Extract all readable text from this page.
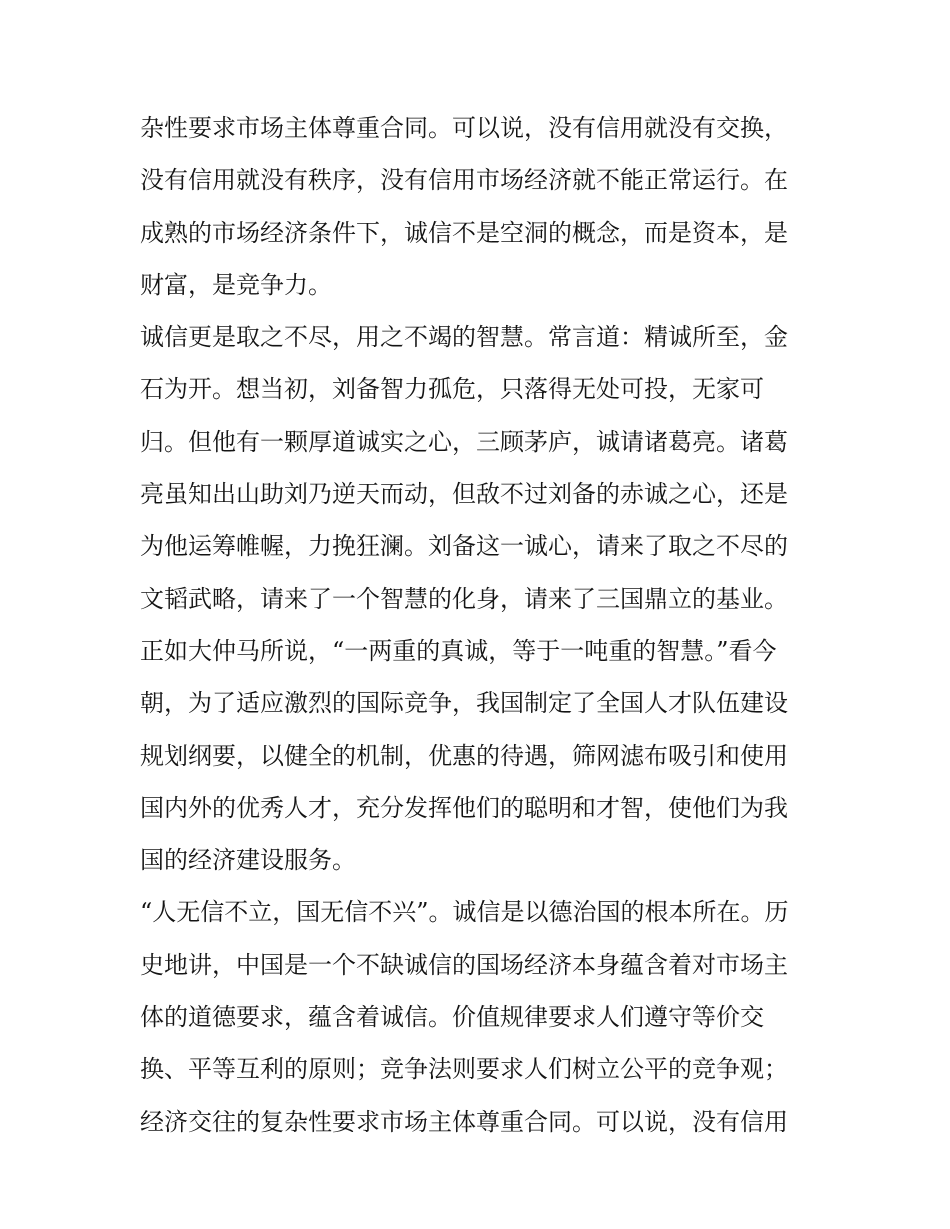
杂性要求市场主体尊重合同。可以说，没有信用就没有交换，
没有信用就没有秩序，没有信用市场经济就不能正常运行。在
成熟的市场经济条件下，诚信不是空洞的概念，而是资本，是
财富，是竞争力。
诚信更是取之不尽，用之不竭的智慧。常言道：精诚所至，金
石为开。想当初，刘备智力孤危，只落得无处可投，无家可
归。但他有一颗厚道诚实之心，三顾茅庐，诚请诸葛亮。诸葛
亮虽知出山助刘乃逆天而动，但敌不过刘备的赤诚之心，还是
为他运筹帷幄，力挽狂澜。刘备这一诚心，请来了取之不尽的
文韬武略，请来了一个智慧的化身，请来了三国鼎立的基业。
正如大仲马所说，“一两重的真诚，等于一吨重的智慧。”看今
朝，为了适应激烈的国际竞争，我国制定了全国人才队伍建设
规划纲要，以健全的机制，优惠的待遇，筛网滤布吸引和使用
国内外的优秀人才，充分发挥他们的聪明和才智，使他们为我
国的经济建设服务。
“人无信不立，国无信不兴”。诚信是以德治国的根本所在。历
史地讲，中国是一个不缺诚信的国场经济本身蕴含着对市场主
体的道德要求，蕴含着诚信。价值规律要求人们遵守等价交
换、平等互利的原则；竞争法则要求人们树立公平的竞争观；
经济交往的复杂性要求市场主体尊重合同。可以说，没有信用
